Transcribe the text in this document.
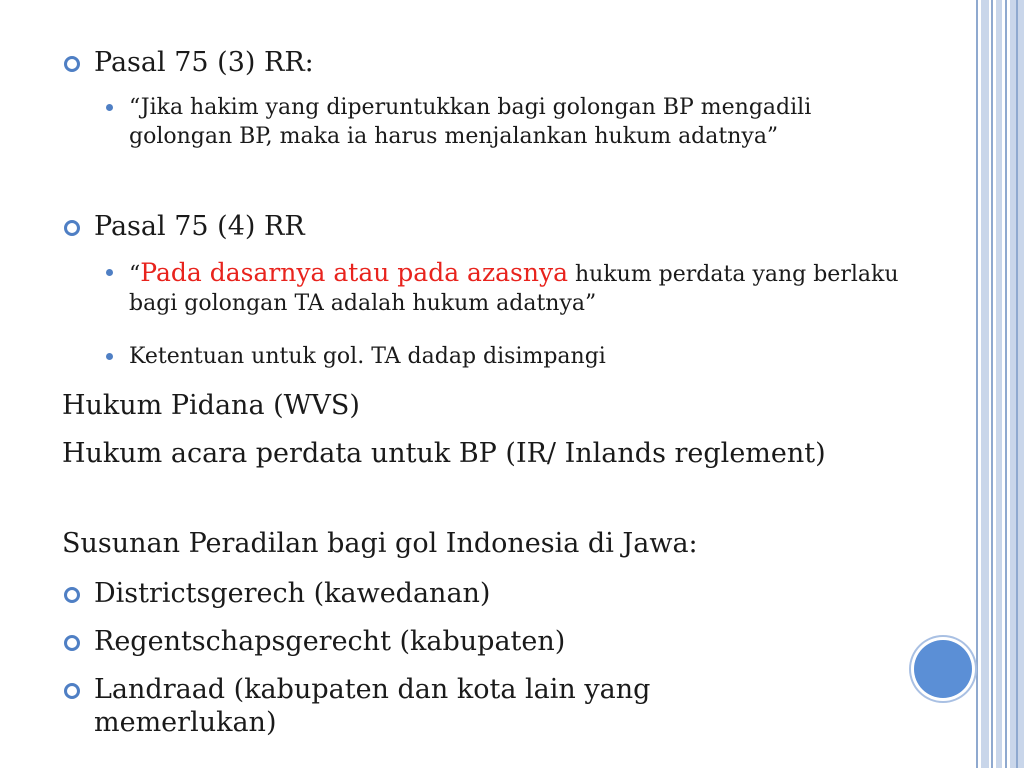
Pasal 75 (3) RR:
“Jika hakim yang diperuntukkan bagi golongan BP mengadili golongan BP, maka ia harus menjalankan hukum adatnya”
Pasal 75 (4) RR
“Pada dasarnya atau pada azasnya hukum perdata yang berlaku bagi golongan TA adalah hukum adatnya”
Ketentuan untuk gol. TA dadap disimpangi
Hukum Pidana (WVS)
Hukum acara perdata untuk BP (IR/ Inlands reglement)
Susunan Peradilan bagi gol Indonesia di Jawa:
Districtsgerech (kawedanan)
Regentschapsgerecht (kabupaten)
Landraad (kabupaten dan kota lain yang memerlukan)
